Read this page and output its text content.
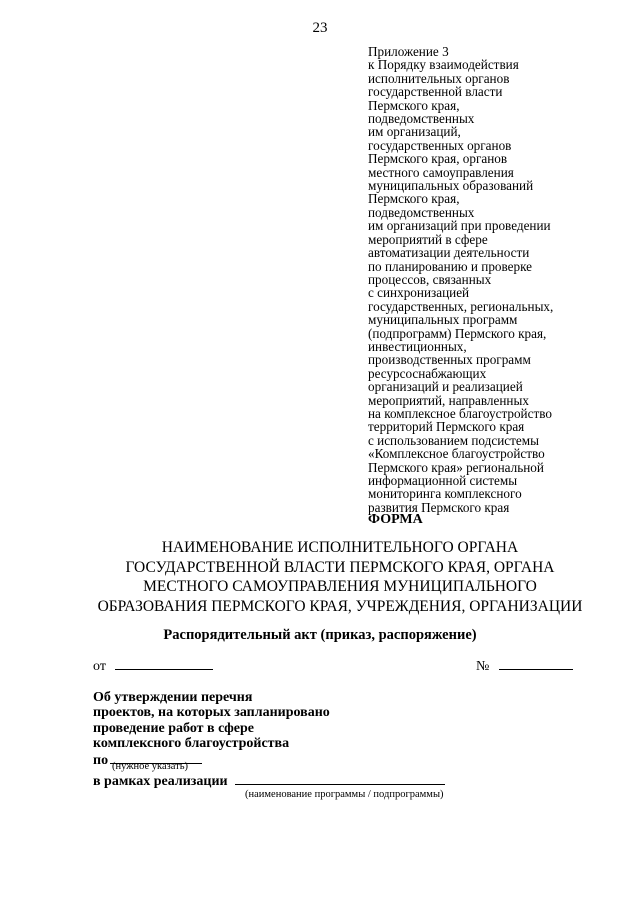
23
Приложение 3
к Порядку взаимодействия
исполнительных органов
государственной власти
Пермского края,
подведомственных
им организаций,
государственных органов
Пермского края, органов
местного самоуправления
муниципальных образований
Пермского края,
подведомственных
им организаций при проведении
мероприятий в сфере
автоматизации деятельности
по планированию и проверке
процессов, связанных
с синхронизацией
государственных, региональных,
муниципальных программ
(подпрограмм) Пермского края,
инвестиционных,
производственных программ
ресурсоснабжающих
организаций и реализацией
мероприятий, направленных
на комплексное благоустройство
территорий Пермского края
с использованием подсистемы
«Комплексное благоустройство
Пермского края» региональной
информационной системы
мониторинга комплексного
развития Пермского края
ФОРМА
НАИМЕНОВАНИЕ ИСПОЛНИТЕЛЬНОГО ОРГАНА
ГОСУДАРСТВЕННОЙ ВЛАСТИ ПЕРМСКОГО КРАЯ, ОРГАНА
МЕСТНОГО САМОУПРАВЛЕНИЯ МУНИЦИПАЛЬНОГО
ОБРАЗОВАНИЯ ПЕРМСКОГО КРАЯ, УЧРЕЖДЕНИЯ, ОРГАНИЗАЦИИ
Распорядительный акт (приказ, распоряжение)
от	№
Об утверждении перечня
проектов, на которых запланировано
проведение работ в сфере
комплексного благоустройства
по (нужное указать)
в рамках реализации
(наименование программы / подпрограммы)
